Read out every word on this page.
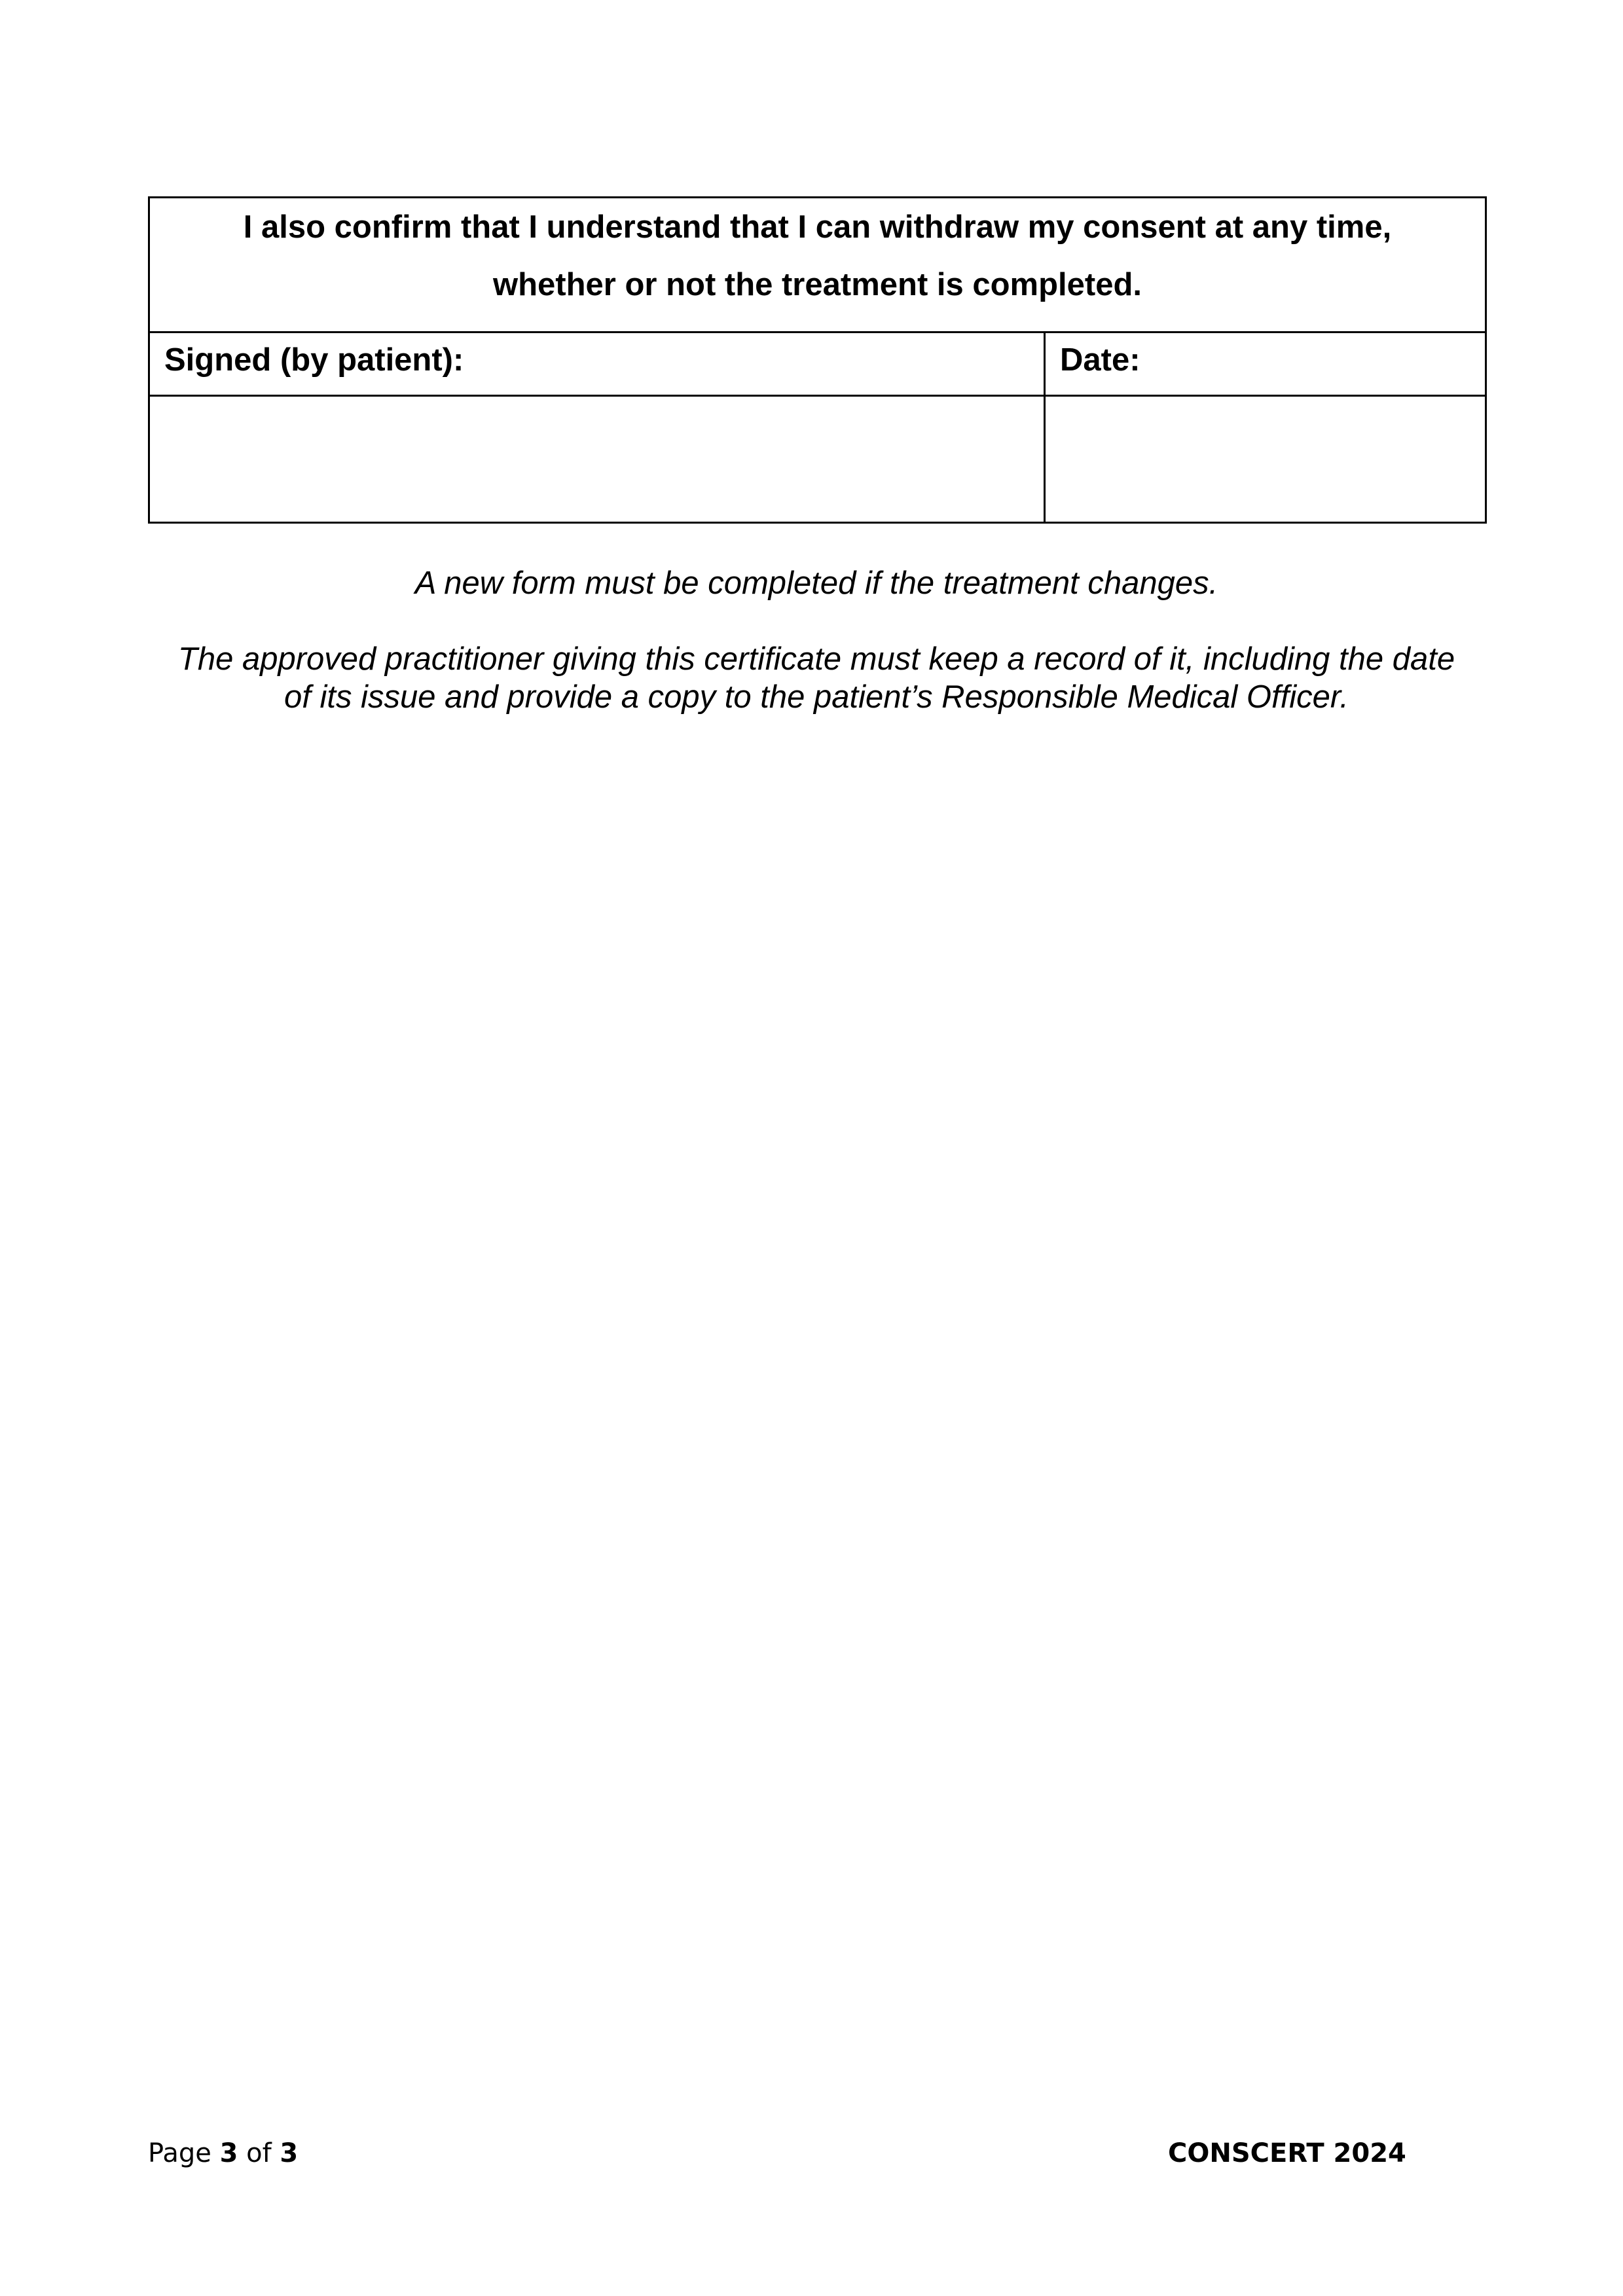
I also confirm that I understand that I can withdraw my consent at any time,
whether or not the treatment is completed.	

Signed (by patient):	Date:

A new form must be completed if the treatment changes.

The approved practitioner giving this certificate must keep a record of it, including the date
of its issue and provide a copy to the patient’s Responsible Medical Officer.

Page 3 of 3	CONSCERT 2024
